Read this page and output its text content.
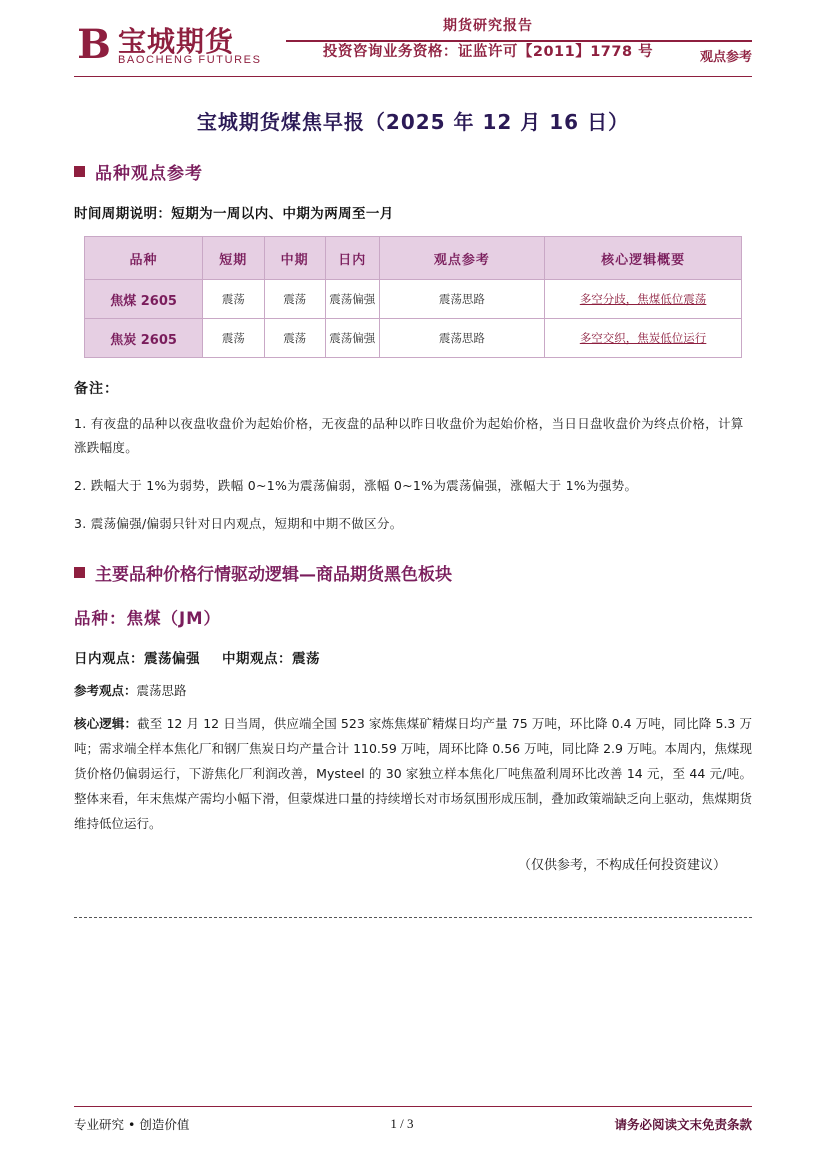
B 宝城期货
BAOCHENG FUTURES
期货研究报告
投资咨询业务资格：证监许可【2011】1778 号	观点参考
宝城期货煤焦早报（2025 年 12 月 16 日）
品种观点参考
时间周期说明：短期为一周以内、中期为两周至一月
品种	短期	中期	日内	观点参考	核心逻辑概要
焦煤 2605	震荡	震荡	震荡偏强	震荡思路	多空分歧，焦煤低位震荡
焦炭 2605	震荡	震荡	震荡偏强	震荡思路	多空交织，焦炭低位运行
备注：
1. 有夜盘的品种以夜盘收盘价为起始价格，无夜盘的品种以昨日收盘价为起始价格，当日日盘收盘价为终点价格，计算涨跌幅度。
2. 跌幅大于 1%为弱势，跌幅 0~1%为震荡偏弱，涨幅 0~1%为震荡偏强，涨幅大于 1%为强势。
3. 震荡偏强/偏弱只针对日内观点，短期和中期不做区分。
主要品种价格行情驱动逻辑—商品期货黑色板块
品种：焦煤（JM）
日内观点：震荡偏强 中期观点：震荡
参考观点：震荡思路
核心逻辑：截至 12 月 12 日当周，供应端全国 523 家炼焦煤矿精煤日均产量 75 万吨，环比降 0.4 万吨，同比降 5.3 万吨；需求端全样本焦化厂和钢厂焦炭日均产量合计 110.59 万吨，周环比降 0.56 万吨，同比降 2.9 万吨。本周内，焦煤现货价格仍偏弱运行，下游焦化厂利润改善，Mysteel 的 30 家独立样本焦化厂吨焦盈利周环比改善 14 元，至 44 元/吨。整体来看，年末焦煤产需均小幅下滑，但蒙煤进口量的持续增长对市场氛围形成压制，叠加政策端缺乏向上驱动，焦煤期货维持低位运行。
（仅供参考，不构成任何投资建议）
专业研究 • 创造价值	1 / 3	请务必阅读文末免责条款
